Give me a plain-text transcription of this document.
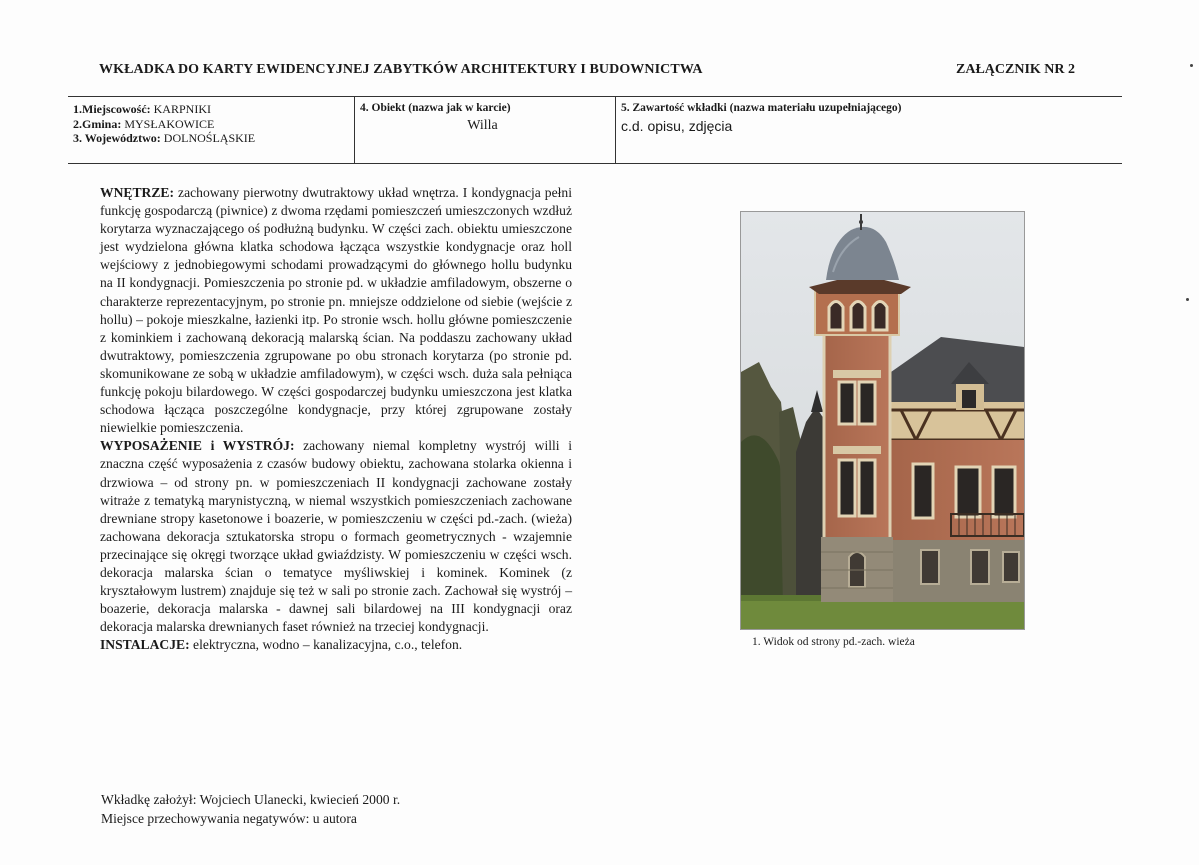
WKŁADKA DO KARTY EWIDENCYJNEJ ZABYTKÓW ARCHITEKTURY I BUDOWNICTWA	ZAŁĄCZNIK NR 2
1.Miejscowość: KARPNIKI
2.Gmina: MYSŁAKOWICE
3. Województwo: DOLNOŚLĄSKIE
4. Obiekt (nazwa jak w karcie)
Willa
5. Zawartość wkładki (nazwa materiału uzupełniającego)
c.d. opisu, zdjęcia

WNĘTRZE: zachowany pierwotny dwutraktowy układ wnętrza. I kondygnacja pełni funkcję gospodarczą (piwnice) z dwoma rzędami pomieszczeń umieszczonych wzdłuż korytarza wyznaczającego oś podłużną budynku. W części zach. obiektu umieszczone jest wydzielona główna klatka schodowa łącząca wszystkie kondygnacje oraz holl wejściowy z jednobiegowymi schodami prowadzącymi do głównego hollu budynku na II kondygnacji. Pomieszczenia po stronie pd. w układzie amfiladowym, obszerne o charakterze reprezentacyjnym, po stronie pn. mniejsze oddzielone od siebie (wejście z hollu) – pokoje mieszkalne, łazienki itp. Po stronie wsch. hollu główne pomieszczenie z kominkiem i zachowaną dekoracją malarską ścian. Na poddaszu zachowany układ dwutraktowy, pomieszczenia zgrupowane po obu stronach korytarza (po stronie pd. skomunikowane ze sobą w układzie amfiladowym), w części wsch. duża sala pełniąca funkcję pokoju bilardowego. W części gospodarczej budynku umieszczona jest klatka schodowa łącząca poszczególne kondygnacje, przy której zgrupowane zostały niewielkie pomieszczenia.

WYPOSAŻENIE i WYSTRÓJ: zachowany niemal kompletny wystrój willi i znaczna część wyposażenia z czasów budowy obiektu, zachowana stolarka okienna i drzwiowa – od strony pn. w pomieszczeniach II kondygnacji zachowane zostały witraże z tematyką marynistyczną, w niemal wszystkich pomieszczeniach zachowane drewniane stropy kasetonowe i boazerie, w pomieszczeniu w części pd.-zach. (wieża) zachowana dekoracja sztukatorska stropu o formach geometrycznych - wzajemnie przecinające się okręgi tworzące układ gwiaździsty. W pomieszczeniu w części wsch. dekoracja malarska ścian o tematyce myśliwskiej i kominek. Kominek (z kryształowym lustrem) znajduje się też w sali po stronie zach. Zachował się wystrój – boazerie, dekoracja malarska - dawnej sali bilardowej na III kondygnacji oraz dekoracja malarska drewnianych faset również na trzeciej kondygnacji.

INSTALACJE: elektryczna, wodno – kanalizacyjna, c.o., telefon.

Wkładkę założył: Wojciech Ulanecki, kwiecień 2000 r.
Miejsce przechowywania negatywów: u autora
1. Widok od strony pd.-zach. wieża
